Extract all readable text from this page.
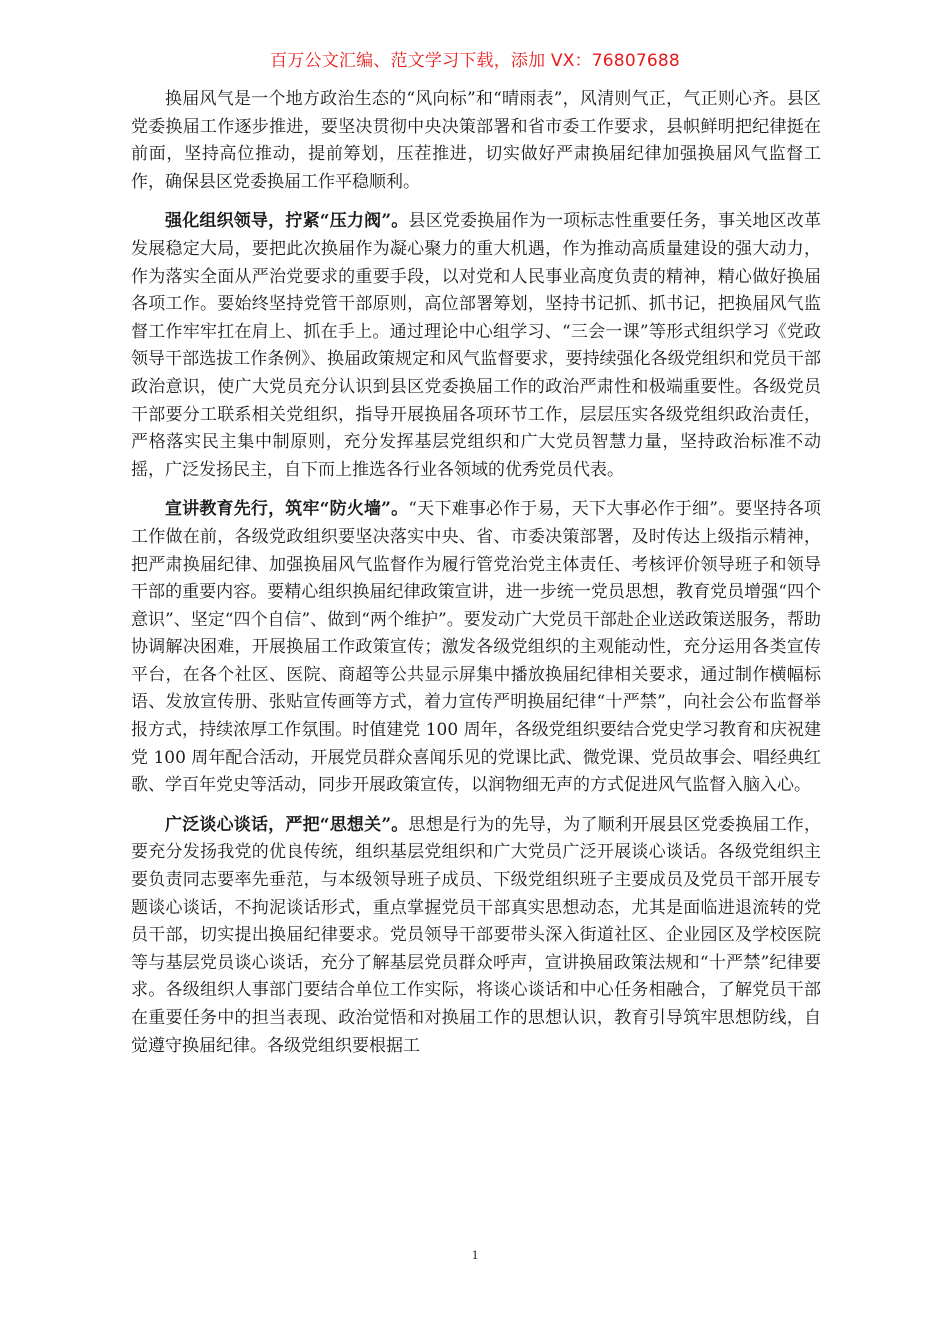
百万公文汇编、范文学习下载，添加 VX：76807688

换届风气是一个地方政治生态的“风向标”和“晴雨表”，风清则气正，气正则心齐。县区党委换届工作逐步推进，要坚决贯彻中央决策部署和省市委工作要求，县帜鲜明把纪律挺在前面，坚持高位推动，提前筹划，压茬推进，切实做好严肃换届纪律加强换届风气监督工作，确保县区党委换届工作平稳顺利。

强化组织领导，拧紧“压力阀”。县区党委换届作为一项标志性重要任务，事关地区改革发展稳定大局，要把此次换届作为凝心聚力的重大机遇，作为推动高质量建设的强大动力，作为落实全面从严治党要求的重要手段，以对党和人民事业高度负责的精神，精心做好换届各项工作。要始终坚持党管干部原则，高位部署筹划，坚持书记抓、抓书记，把换届风气监督工作牢牢扛在肩上、抓在手上。通过理论中心组学习、“三会一课”等形式组织学习《党政领导干部选拔工作条例》、换届政策规定和风气监督要求，要持续强化各级党组织和党员干部政治意识，使广大党员充分认识到县区党委换届工作的政治严肃性和极端重要性。各级党员干部要分工联系相关党组织，指导开展换届各项环节工作，层层压实各级党组织政治责任，严格落实民主集中制原则，充分发挥基层党组织和广大党员智慧力量，坚持政治标准不动摇，广泛发扬民主，自下而上推选各行业各领域的优秀党员代表。

宣讲教育先行，筑牢“防火墙”。“天下难事必作于易，天下大事必作于细”。要坚持各项工作做在前，各级党政组织要坚决落实中央、省、市委决策部署，及时传达上级指示精神，把严肃换届纪律、加强换届风气监督作为履行管党治党主体责任、考核评价领导班子和领导干部的重要内容。要精心组织换届纪律政策宣讲，进一步统一党员思想，教育党员增强“四个意识”、坚定“四个自信”、做到“两个维护”。要发动广大党员干部赴企业送政策送服务，帮助协调解决困难，开展换届工作政策宣传；激发各级党组织的主观能动性，充分运用各类宣传平台，在各个社区、医院、商超等公共显示屏集中播放换届纪律相关要求，通过制作横幅标语、发放宣传册、张贴宣传画等方式，着力宣传严明换届纪律“十严禁”，向社会公布监督举报方式，持续浓厚工作氛围。时值建党 100 周年，各级党组织要结合党史学习教育和庆祝建党 100 周年配合活动，开展党员群众喜闻乐见的党课比武、微党课、党员故事会、唱经典红歌、学百年党史等活动，同步开展政策宣传，以润物细无声的方式促进风气监督入脑入心。

广泛谈心谈话，严把“思想关”。思想是行为的先导，为了顺利开展县区党委换届工作，要充分发扬我党的优良传统，组织基层党组织和广大党员广泛开展谈心谈话。各级党组织主要负责同志要率先垂范，与本级领导班子成员、下级党组织班子主要成员及党员干部开展专题谈心谈话，不拘泥谈话形式，重点掌握党员干部真实思想动态，尤其是面临进退流转的党员干部，切实提出换届纪律要求。党员领导干部要带头深入街道社区、企业园区及学校医院等与基层党员谈心谈话，充分了解基层党员群众呼声，宣讲换届政策法规和“十严禁”纪律要求。各级组织人事部门要结合单位工作实际，将谈心谈话和中心任务相融合，了解党员干部在重要任务中的担当表现、政治觉悟和对换届工作的思想认识，教育引导筑牢思想防线，自觉遵守换届纪律。各级党组织要根据工

1
